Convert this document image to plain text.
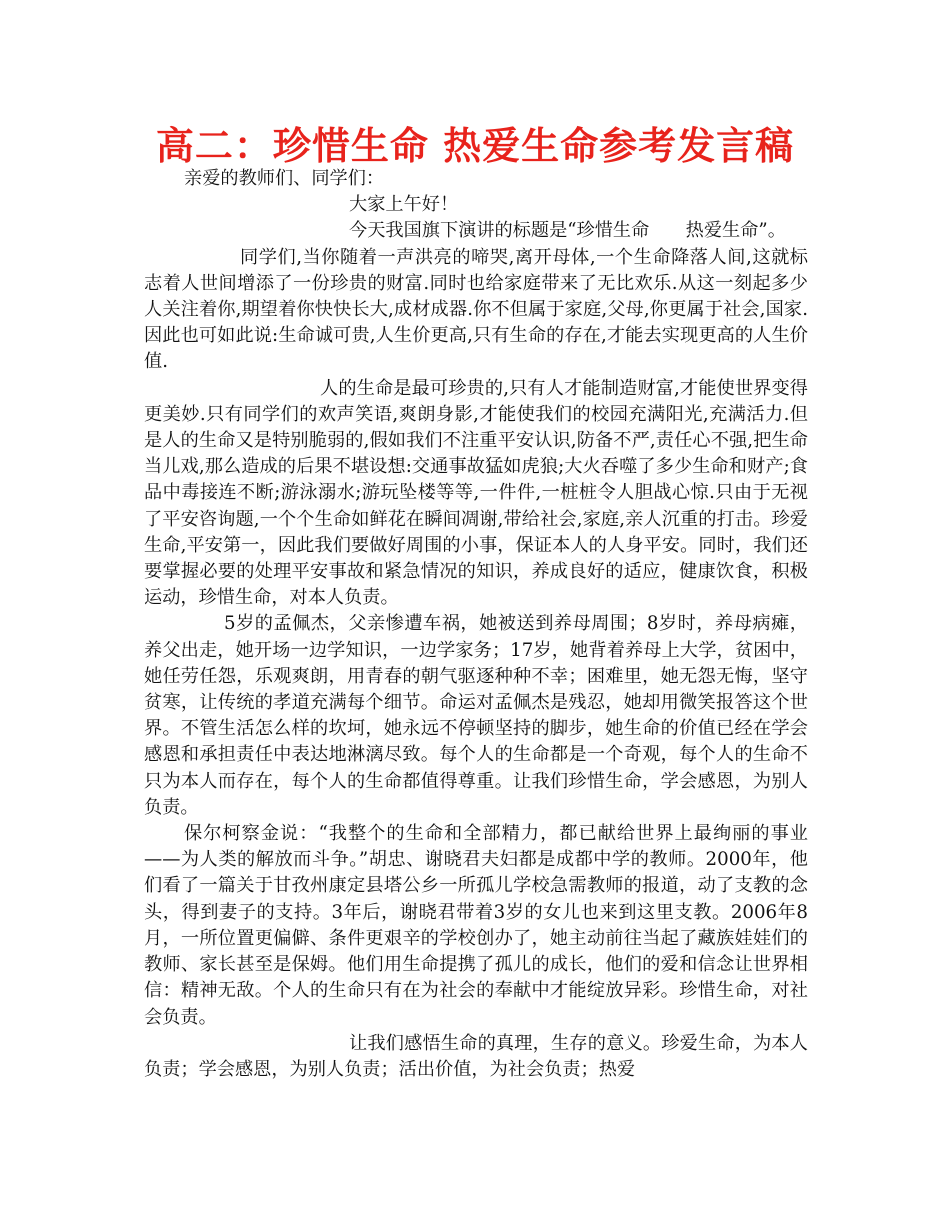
高二：珍惜生命 热爱生命参考发言稿

亲爱的教师们、同学们：

大家上午好！

今天我国旗下演讲的标题是“珍惜生命　　热爱生命”。

同学们,当你随着一声洪亮的啼哭,离开母体,一个生命降落人间,这就标志着人世间增添了一份珍贵的财富.同时也给家庭带来了无比欢乐.从这一刻起多少人关注着你,期望着你快快长大,成材成器.你不但属于家庭,父母,你更属于社会,国家.因此也可如此说:生命诚可贵,人生价更高,只有生命的存在,才能去实现更高的人生价值.

人的生命是最可珍贵的,只有人才能制造财富,才能使世界变得更美妙.只有同学们的欢声笑语,爽朗身影,才能使我们的校园充满阳光,充满活力.但是人的生命又是特别脆弱的,假如我们不注重平安认识,防备不严,责任心不强,把生命当儿戏,那么造成的后果不堪设想:交通事故猛如虎狼;大火吞噬了多少生命和财产;食品中毒接连不断;游泳溺水;游玩坠楼等等,一件件,一桩桩令人胆战心惊.只由于无视了平安咨询题,一个个生命如鲜花在瞬间凋谢,带给社会,家庭,亲人沉重的打击。珍爱生命,平安第一，因此我们要做好周围的小事，保证本人的人身平安。同时，我们还要掌握必要的处理平安事故和紧急情况的知识，养成良好的适应，健康饮食，积极运动，珍惜生命，对本人负责。

5岁的孟佩杰，父亲惨遭车祸，她被送到养母周围；8岁时，养母病瘫，养父出走，她开场一边学知识，一边学家务；17岁，她背着养母上大学，贫困中，她任劳任怨，乐观爽朗，用青春的朝气驱逐种种不幸；困难里，她无怨无悔，坚守贫寒，让传统的孝道充满每个细节。命运对孟佩杰是残忍，她却用微笑报答这个世界。不管生活怎么样的坎坷，她永远不停顿坚持的脚步，她生命的价值已经在学会感恩和承担责任中表达地淋漓尽致。每个人的生命都是一个奇观，每个人的生命不只为本人而存在，每个人的生命都值得尊重。让我们珍惜生命，学会感恩，为别人负责。

保尔柯察金说：“我整个的生命和全部精力，都已献给世界上最绚丽的事业——为人类的解放而斗争。”胡忠、谢晓君夫妇都是成都中学的教师。2000年，他们看了一篇关于甘孜州康定县塔公乡一所孤儿学校急需教师的报道，动了支教的念头，得到妻子的支持。3年后，谢晓君带着3岁的女儿也来到这里支教。2006年8月，一所位置更偏僻、条件更艰辛的学校创办了，她主动前往当起了藏族娃娃们的教师、家长甚至是保姆。他们用生命提携了孤儿的成长，他们的爱和信念让世界相信：精神无敌。个人的生命只有在为社会的奉献中才能绽放异彩。珍惜生命，对社会负责。

让我们感悟生命的真理，生存的意义。珍爱生命，为本人负责；学会感恩，为别人负责；活出价值，为社会负责；热爱
